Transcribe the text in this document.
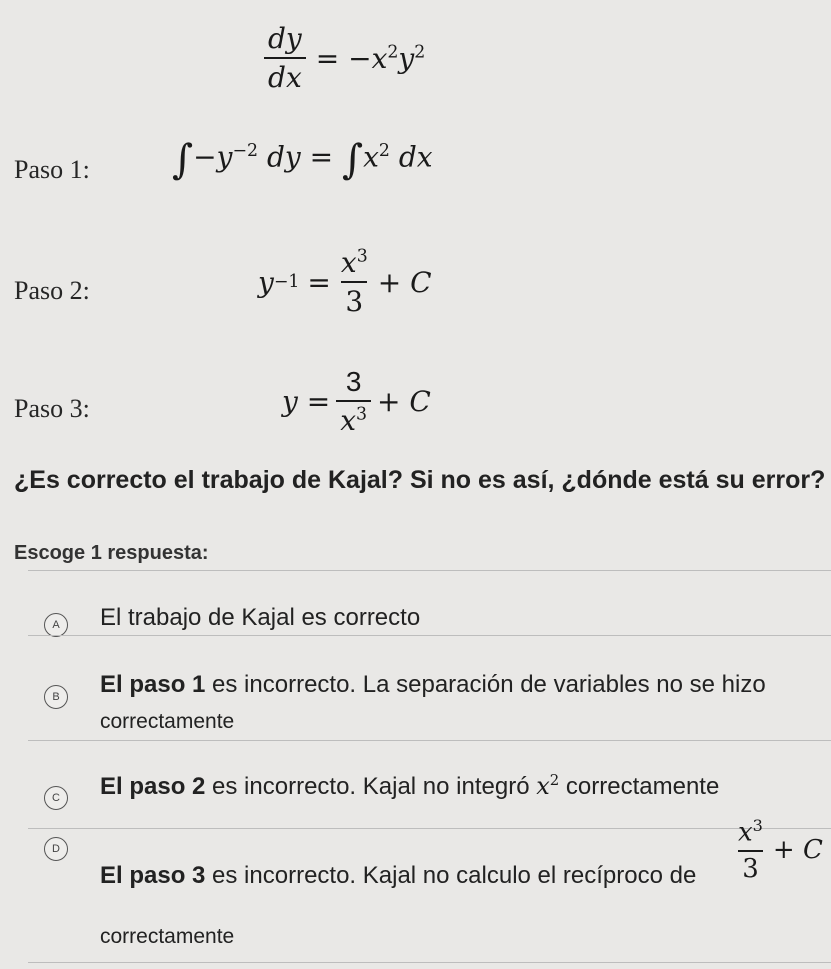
$\frac{dy}{dx} = -x^2y^2$
Paso 1: $\int-y^{-2}$ dy = $\int x^2$ dx
Paso 2:	$y -1 = \frac{x^3}{3} + C$
Paso 3:	$y = \frac{3}{x^3} + C$
¿Es correcto el trabajo de Kajal? Si no es así, ¿dónde está su error?
Escoge 1 respuesta:
A	El trabajo de Kajal es correcto
B	El paso 1 es incorrecto. La separación de variables no se hizo
correctamente
C	El paso 2 es incorrecto. Kajal no integró $x^2$ correctamente
D
El paso 3 es incorrecto. Kajal no calculo el recíproco de $\frac{x^3}{3} + C$
correctamente
